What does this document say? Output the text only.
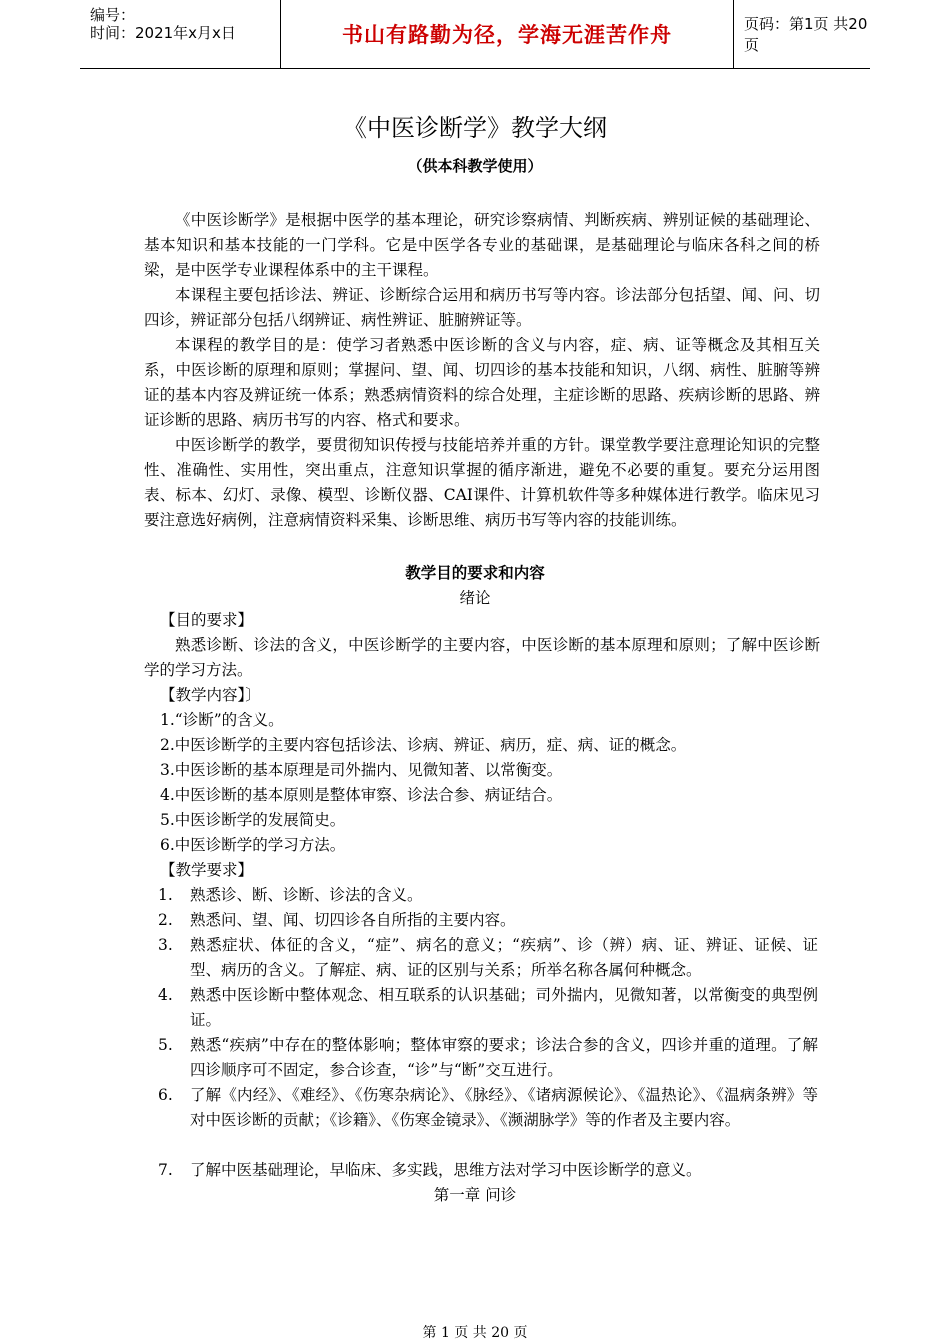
编号：
时间：2021年x月x日	书山有路勤为径，学海无涯苦作舟	页码：第1页 共20页
《中医诊断学》教学大纲
（供本科教学使用）

《中医诊断学》是根据中医学的基本理论，研究诊察病情、判断疾病、辨别证候的基础理论、基本知识和基本技能的一门学科。它是中医学各专业的基础课，是基础理论与临床各科之间的桥梁，是中医学专业课程体系中的主干课程。

本课程主要包括诊法、辨证、诊断综合运用和病历书写等内容。诊法部分包括望、闻、问、切四诊，辨证部分包括八纲辨证、病性辨证、脏腑辨证等。

本课程的教学目的是：使学习者熟悉中医诊断的含义与内容，症、病、证等概念及其相互关系，中医诊断的原理和原则；掌握问、望、闻、切四诊的基本技能和知识，八纲、病性、脏腑等辨证的基本内容及辨证统一体系；熟悉病情资料的综合处理，主症诊断的思路、疾病诊断的思路、辨证诊断的思路、病历书写的内容、格式和要求。

中医诊断学的教学，要贯彻知识传授与技能培养并重的方针。课堂教学要注意理论知识的完整性、准确性、实用性，突出重点，注意知识掌握的循序渐进，避免不必要的重复。要充分运用图表、标本、幻灯、录像、模型、诊断仪器、CAI课件、计算机软件等多种媒体进行教学。临床见习要注意选好病例，注意病情资料采集、诊断思维、病历书写等内容的技能训练。

教学目的要求和内容
绪论
【目的要求】

熟悉诊断、诊法的含义，中医诊断学的主要内容，中医诊断的基本原理和原则；了解中医诊断学的学习方法。

【教学内容】〕
1.“诊断”的含义。
2.中医诊断学的主要内容包括诊法、诊病、辨证、病历，症、病、证的概念。
3.中医诊断的基本原理是司外揣内、见微知著、以常衡变。
4.中医诊断的基本原则是整体审察、诊法合参、病证结合。
5.中医诊断学的发展简史。
6.中医诊断学的学习方法。
【教学要求】
1.	熟悉诊、断、诊断、诊法的含义。
2.	熟悉问、望、闻、切四诊各自所指的主要内容。
3.	熟悉症状、体征的含义，“症”、病名的意义；“疾病”、诊（辨）病、证、辨证、证候、证型、病历的含义。了解症、病、证的区别与关系；所举名称各属何种概念。
4.	熟悉中医诊断中整体观念、相互联系的认识基础；司外揣内，见微知著，以常衡变的典型例证。
5.	熟悉“疾病”中存在的整体影响；整体审察的要求；诊法合参的含义，四诊并重的道理。了解四诊顺序可不固定，参合诊查，“诊”与“断”交互进行。
6.	了解《内经》、《难经》、《伤寒杂病论》、《脉经》、《诸病源候论》、《温热论》、《温病条辨》等对中医诊断的贡献；《诊籍》、《伤寒金镜录》、《濒湖脉学》等的作者及主要内容。
7.	了解中医基础理论，早临床、多实践，思维方法对学习中医诊断学的意义。
第一章 问诊
第 1 页 共 20 页
